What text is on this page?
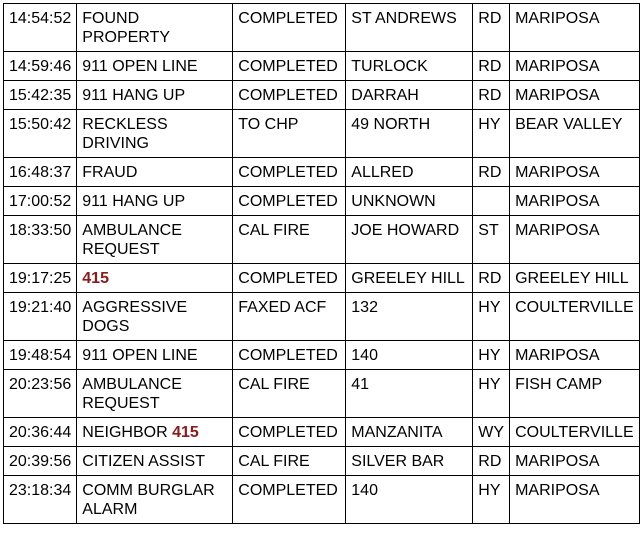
14:54:52	FOUND PROPERTY	COMPLETED	ST ANDREWS	RD	MARIPOSA
14:59:46	911 OPEN LINE	COMPLETED	TURLOCK	RD	MARIPOSA
15:42:35	911 HANG UP	COMPLETED	DARRAH	RD	MARIPOSA
15:50:42	RECKLESS DRIVING	TO CHP	49 NORTH	HY	BEAR VALLEY
16:48:37	FRAUD	COMPLETED	ALLRED	RD	MARIPOSA
17:00:52	911 HANG UP	COMPLETED	UNKNOWN		MARIPOSA
18:33:50	AMBULANCE REQUEST	CAL FIRE	JOE HOWARD	ST	MARIPOSA
19:17:25	415	COMPLETED	GREELEY HILL	RD	GREELEY HILL
19:21:40	AGGRESSIVE DOGS	FAXED ACF	132	HY	COULTERVILLE
19:48:54	911 OPEN LINE	COMPLETED	140	HY	MARIPOSA
20:23:56	AMBULANCE REQUEST	CAL FIRE	41	HY	FISH CAMP
20:36:44	NEIGHBOR 415	COMPLETED	MANZANITA	WY	COULTERVILLE
20:39:56	CITIZEN ASSIST	CAL FIRE	SILVER BAR	RD	MARIPOSA
23:18:34	COMM BURGLAR ALARM	COMPLETED	140	HY	MARIPOSA
